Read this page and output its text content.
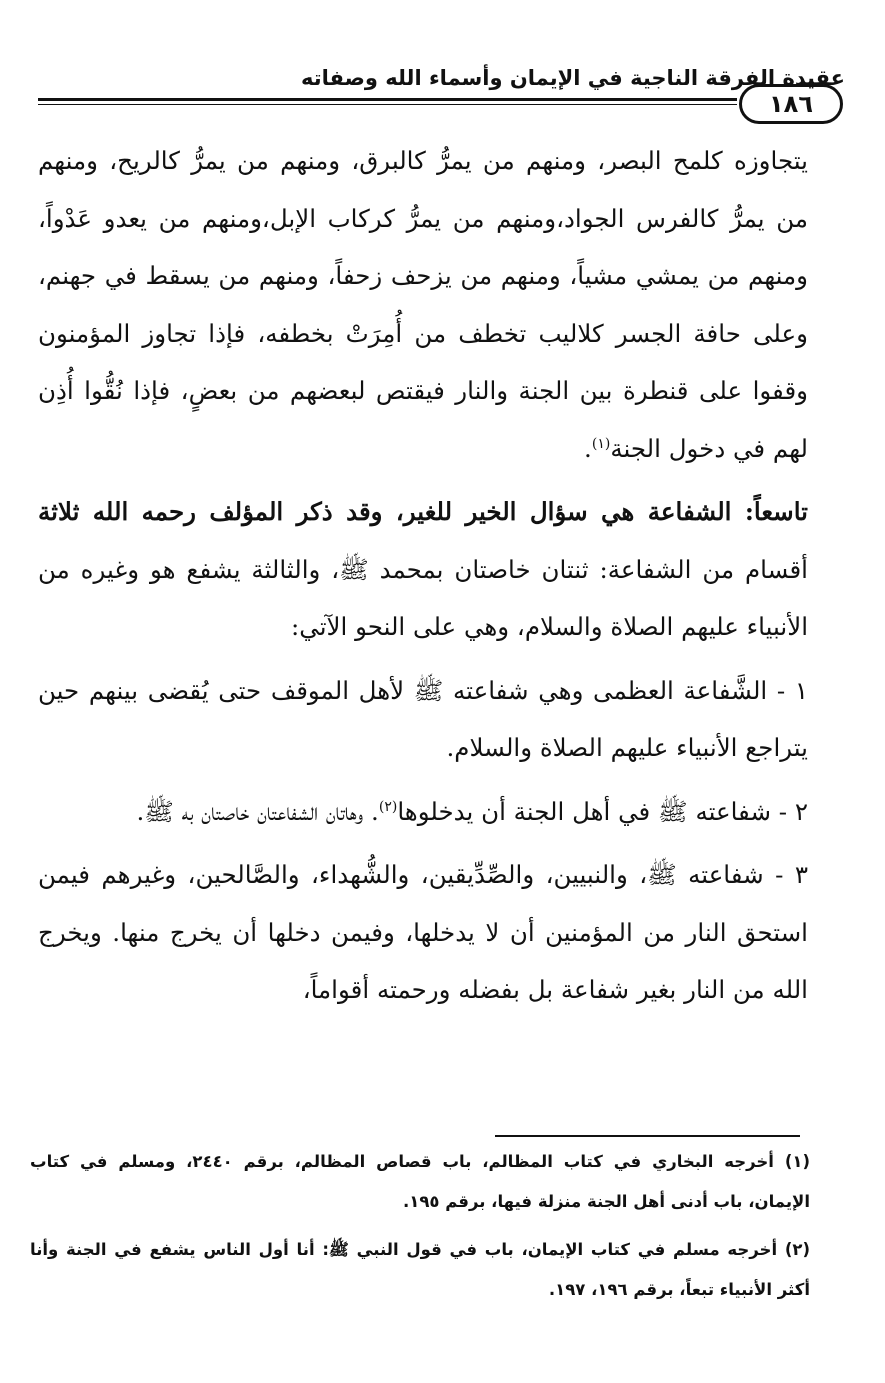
عقيدة الفرقة الناجية في الإيمان وأسماء الله وصفاته
١٨٦

يتجاوزه كلمح البصر، ومنهم من يمرُّ كالبرق، ومنهم من يمرُّ كالريح، ومنهم من يمرُّ كالفرس الجواد،ومنهم من يمرُّ كركاب الإبل،ومنهم من يعدو عَدْواً، ومنهم من يمشي مشياً، ومنهم من يزحف زحفاً، ومنهم من يسقط في جهنم، وعلى حافة الجسر كلاليب تخطف من أُمِرَتْ بخطفه، فإذا تجاوز المؤمنون وقفوا على قنطرة بين الجنة والنار فيقتص لبعضهم من بعضٍ، فإذا نُقُّوا أُذِن لهم في دخول الجنة$^{(١)}$.

تاسعاً: الشفاعة هي سؤال الخير للغير، وقد ذكر المؤلف رحمه الله ثلاثة أقسام من الشفاعة: ثنتان خاصتان بمحمد ﷺ، والثالثة يشفع هو وغيره من الأنبياء عليهم الصلاة والسلام، وهي على النحو الآتي:

١ - الشَّفاعة العظمى وهي شفاعته ﷺ لأهل الموقف حتى يُقضى بينهم حين يتراجع الأنبياء عليهم الصلاة والسلام.

٢ - شفاعته ﷺ في أهل الجنة أن يدخلوها$^{(٢)}$. وهاتان الشفاعتان خاصتان به ﷺ.

٣ - شفاعته ﷺ، والنبيين، والصِّدِّيقين، والشُّهداء، والصَّالحين، وغيرهم فيمن استحق النار من المؤمنين أن لا يدخلها، وفيمن دخلها أن يخرج منها. ويخرج الله من النار بغير شفاعة بل بفضله ورحمته أقواماً،

(١) أخرجه البخاري في كتاب المظالم، باب قصاص المظالم، برقم ٢٤٤٠، ومسلم في كتاب الإيمان، باب أدنى أهل الجنة منزلة فيها، برقم ١٩٥.

(٢) أخرجه مسلم في كتاب الإيمان، باب في قول النبي ﷺ: أنا أول الناس يشفع في الجنة وأنا أكثر الأنبياء تبعاً، برقم ١٩٦، ١٩٧.
